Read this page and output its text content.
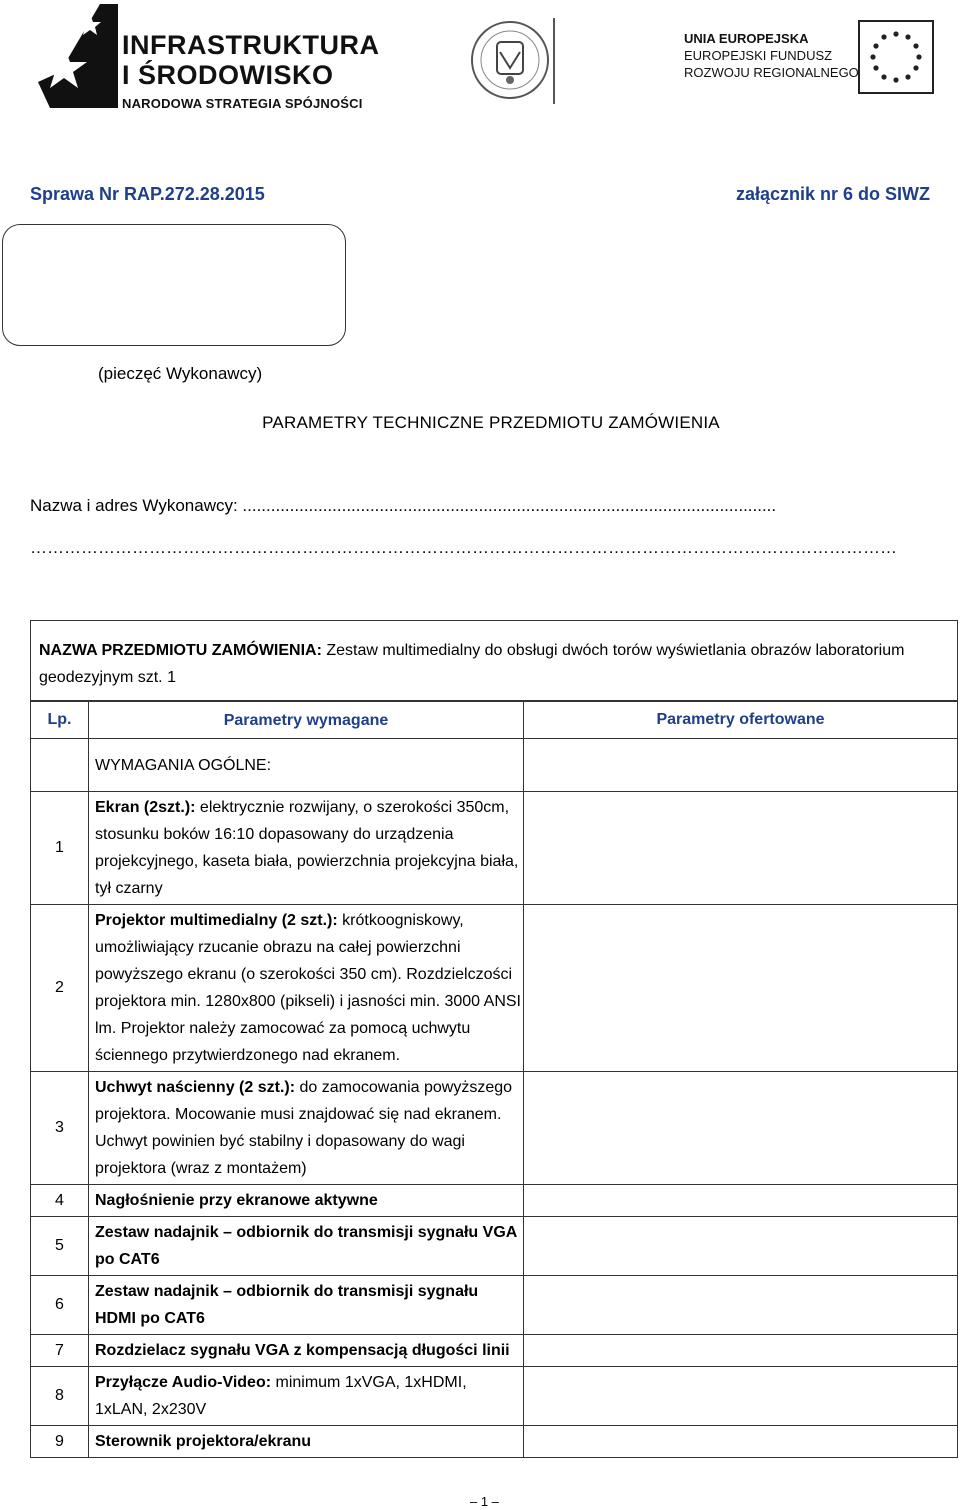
INFRASTRUKTURA
I ŚRODOWISKO
NARODOWA STRATEGIA SPÓJNOŚCI
UNIA EUROPEJSKA
EUROPEJSKI FUNDUSZ
ROZWOJU REGIONALNEGO
Sprawa Nr RAP.272.28.2015	załącznik nr 6 do SIWZ
(pieczęć Wykonawcy)
PARAMETRY TECHNICZNE PRZEDMIOTU ZAMÓWIENIA
Nazwa i adres Wykonawcy: .................................................................................................................
………………………………………………………………………………………………………………………………………
NAZWA PRZEDMIOTU ZAMÓWIENIA: Zestaw multimedialny do obsługi dwóch torów wyświetlania obrazów laboratorium geodezyjnym szt. 1
Lp.	Parametry wymagane	Parametry ofertowane
	WYMAGANIA OGÓLNE:	
1	Ekran (2szt.): elektrycznie rozwijany, o szerokości 350cm, stosunku boków 16:10 dopasowany do urządzenia projekcyjnego, kaseta biała, powierzchnia projekcyjna biała, tył czarny	
2	Projektor multimedialny (2 szt.): krótkoogniskowy, umożliwiający rzucanie obrazu na całej powierzchni powyższego ekranu (o szerokości 350 cm). Rozdzielczości projektora min. 1280x800 (pikseli) i jasności min. 3000 ANSI lm. Projektor należy zamocować za pomocą uchwytu ściennego przytwierdzonego nad ekranem.	
3	Uchwyt naścienny (2 szt.): do zamocowania powyższego projektora. Mocowanie musi znajdować się nad ekranem. Uchwyt powinien być stabilny i dopasowany do wagi projektora (wraz z montażem)	
4	Nagłośnienie przy ekranowe aktywne	
5	Zestaw nadajnik – odbiornik do transmisji sygnału VGA po CAT6	
6	Zestaw nadajnik – odbiornik do transmisji sygnału HDMI po CAT6	
7	Rozdzielacz sygnału VGA z kompensacją długości linii	
8	Przyłącze Audio-Video: minimum 1xVGA, 1xHDMI, 1xLAN, 2x230V	
9	Sterownik projektora/ekranu	
– 1 –
